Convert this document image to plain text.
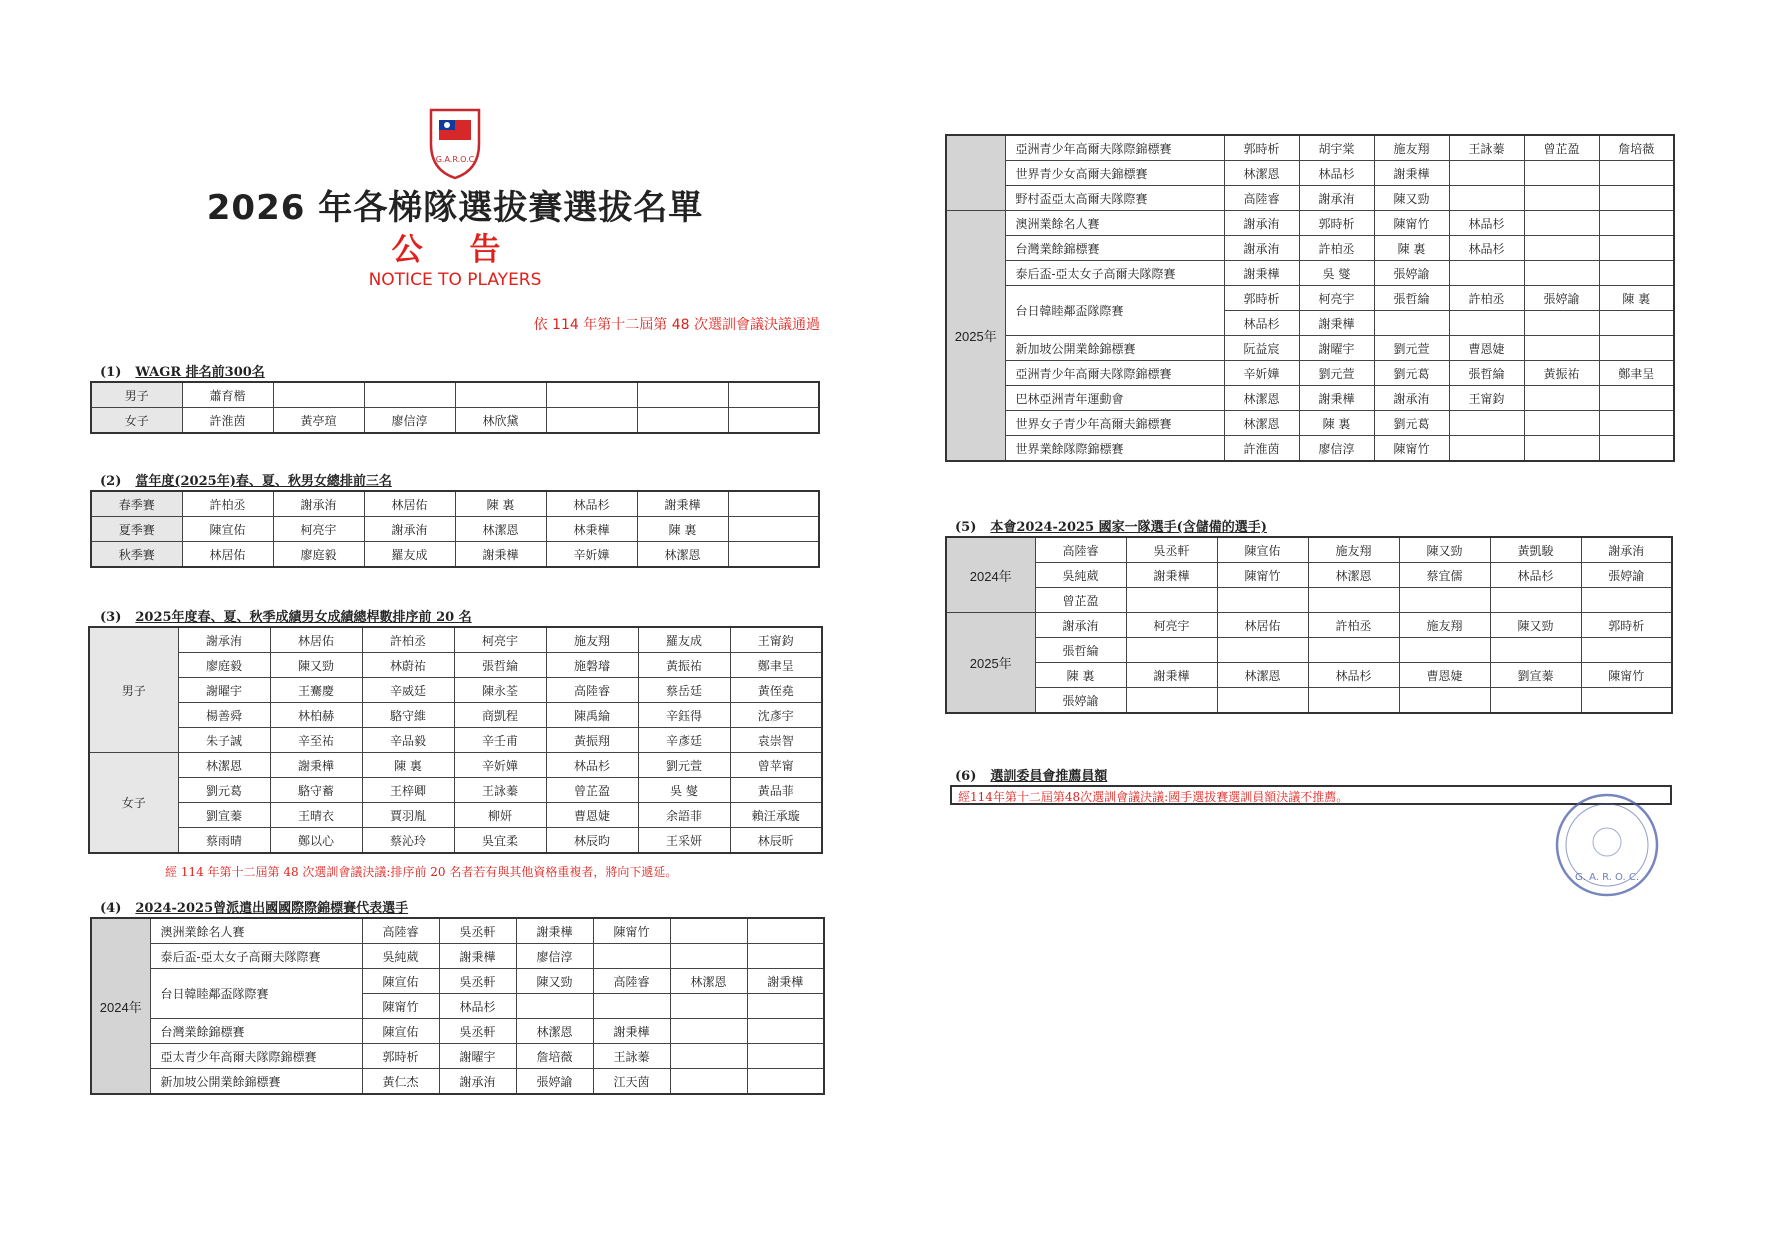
G.A.R.O.C
2026 年各梯隊選拔賽選拔名單
公 告
NOTICE TO PLAYERS
依 114 年第十二屆第 48 次選訓會議決議通過
(1) WAGR 排名前300名
男子	蕭育楷						
女子	許淮茵	黃亭瑄	廖信淳	林欣黛			
(2) 當年度(2025年)春、夏、秋男女總排前三名
春季賽	許柏丞	謝承洧	林居佑	陳 裏	林品杉	謝秉樺	
夏季賽	陳宣佑	柯亮宇	謝承洧	林潔恩	林秉樺	陳 裏	
秋季賽	林居佑	廖庭毅	羅友成	謝秉樺	辛妡嬅	林潔恩	
(3) 2025年度春、夏、秋季成績男女成績總桿數排序前 20 名
男子	謝承洧	林居佑	許柏丞	柯亮宇	施友翔	羅友成	王甯鈞
	廖庭毅	陳又勁	林蔚祐	張哲綸	施磐璿	黃振祐	鄭聿呈
	謝曜宇	王騫慶	辛威廷	陳永荃	高陸睿	蔡岳廷	黃侄堯
	楊善舜	林柏赫	駱守維	商凱程	陳禹綸	辛鈺得	沈彥宇
	朱子誠	辛至祐	辛品毅	辛壬甫	黃振翔	辛彥廷	袁崇智
女子	林潔恩	謝秉樺	陳 裏	辛妡嬅	林品杉	劉元萱	曾苹甯
	劉元葛	駱守蓄	王梓卿	王詠蓁	曾芷盈	吳 燮	黃品菲
	劉宣蓁	王晴衣	賈羽胤	柳妍	曹恩婕	余語菲	賴汪承璇
	蔡雨晴	鄭以心	蔡沁玲	吳宜柔	林辰昀	王采妍	林辰昕
經 114 年第十二屆第 48 次選訓會議決議:排序前 20 名者若有與其他資格重複者，將向下遞延。
(4) 2024-2025曾派遣出國國際際錦標賽代表選手
2024年	澳洲業餘名人賽	高陸睿	吳丞軒	謝秉樺	陳甯竹		
	泰后盃-亞太女子高爾夫隊際賽	吳純葳	謝秉樺	廖信淳			
	台日韓睦鄰盃隊際賽	陳宣佑	吳丞軒	陳又勁	高陸睿	林潔恩	謝秉樺
		陳甯竹	林品杉				
	台灣業餘錦標賽	陳宣佑	吳丞軒	林潔恩	謝秉樺		
	亞太青少年高爾夫隊際錦標賽	郭時析	謝曜宇	詹培薇	王詠蓁		
	新加坡公開業餘錦標賽	黃仁杰	謝承洧	張婷諭	江天茵		
	亞洲青少年高爾夫隊際錦標賽	郭時析	胡宇棠	施友翔	王詠蓁	曾芷盈	詹培薇
	世界青少女高爾夫錦標賽	林潔恩	林品杉	謝秉樺			
	野村盃亞太高爾夫隊際賽	高陸睿	謝承洧	陳又勁			
2025年	澳洲業餘名人賽	謝承洧	郭時析	陳甯竹	林品杉		
	台灣業餘錦標賽	謝承洧	許柏丞	陳 裏	林品杉		
	泰后盃-亞太女子高爾夫隊際賽	謝秉樺	吳 燮	張婷諭			
	台日韓睦鄰盃隊際賽	郭時析	柯亮宇	張哲綸	許柏丞	張婷諭	陳 裏
		林品杉	謝秉樺				
	新加坡公開業餘錦標賽	阮益宸	謝曜宇	劉元萱	曹恩婕		
	亞洲青少年高爾夫隊際錦標賽	辛妡嬅	劉元萱	劉元葛	張哲綸	黃振祐	鄭聿呈
	巴林亞洲青年運動會	林潔恩	謝秉樺	謝承洧	王甯鈞		
	世界女子青少年高爾夫錦標賽	林潔恩	陳 裏	劉元葛			
	世界業餘隊際錦標賽	許淮茵	廖信淳	陳甯竹			
(5) 本會2024-2025 國家一隊選手(含儲備的選手)
2024年	高陸睿	吳丞軒	陳宣佑	施友翔	陳又勁	黃凱駿	謝承洧
	吳純葳	謝秉樺	陳甯竹	林潔恩	蔡宜儒	林品杉	張婷諭
	曾芷盈						
2025年	謝承洧	柯亮宇	林居佑	許柏丞	施友翔	陳又勁	郭時析
	張哲綸						
	陳 裏	謝秉樺	林潔恩	林品杉	曹恩婕	劉宣蓁	陳甯竹
	張婷諭						
(6) 選訓委員會推薦員額
經114年第十二屆第48次選訓會議決議:國手選拔賽選訓員額決議不推薦。
G. A. R. O. C.
